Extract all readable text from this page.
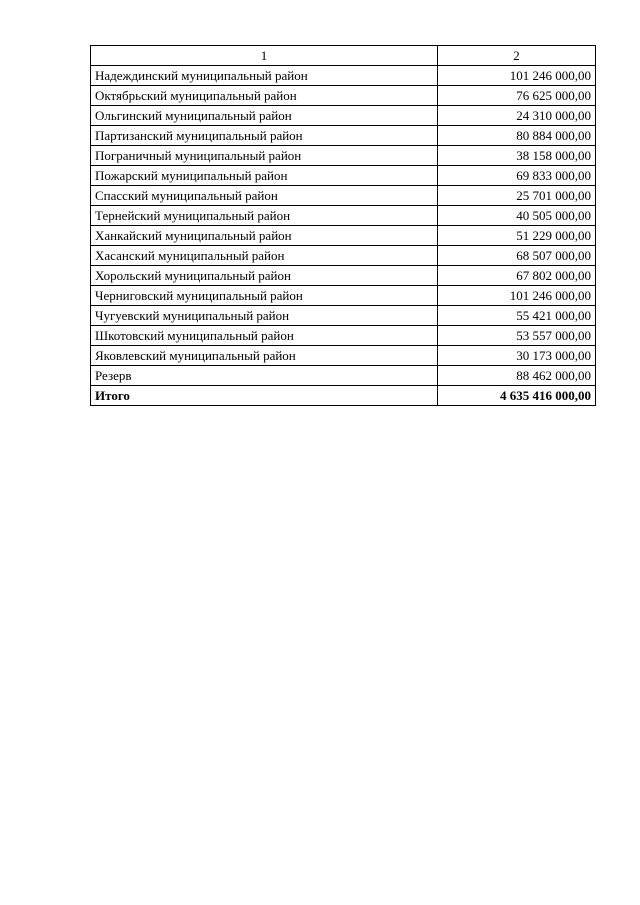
1	2
Надеждинский муниципальный район	101 246 000,00
Октябрьский муниципальный район	76 625 000,00
Ольгинский муниципальный район	24 310 000,00
Партизанский муниципальный район	80 884 000,00
Пограничный муниципальный район	38 158 000,00
Пожарский муниципальный район	69 833 000,00
Спасский муниципальный район	25 701 000,00
Тернейский муниципальный район	40 505 000,00
Ханкайский муниципальный район	51 229 000,00
Хасанский муниципальный район	68 507 000,00
Хорольский муниципальный район	67 802 000,00
Черниговский муниципальный район	101 246 000,00
Чугуевский муниципальный район	55 421 000,00
Шкотовский муниципальный район	53 557 000,00
Яковлевский муниципальный район	30 173 000,00
Резерв	88 462 000,00
Итого	4 635 416 000,00
